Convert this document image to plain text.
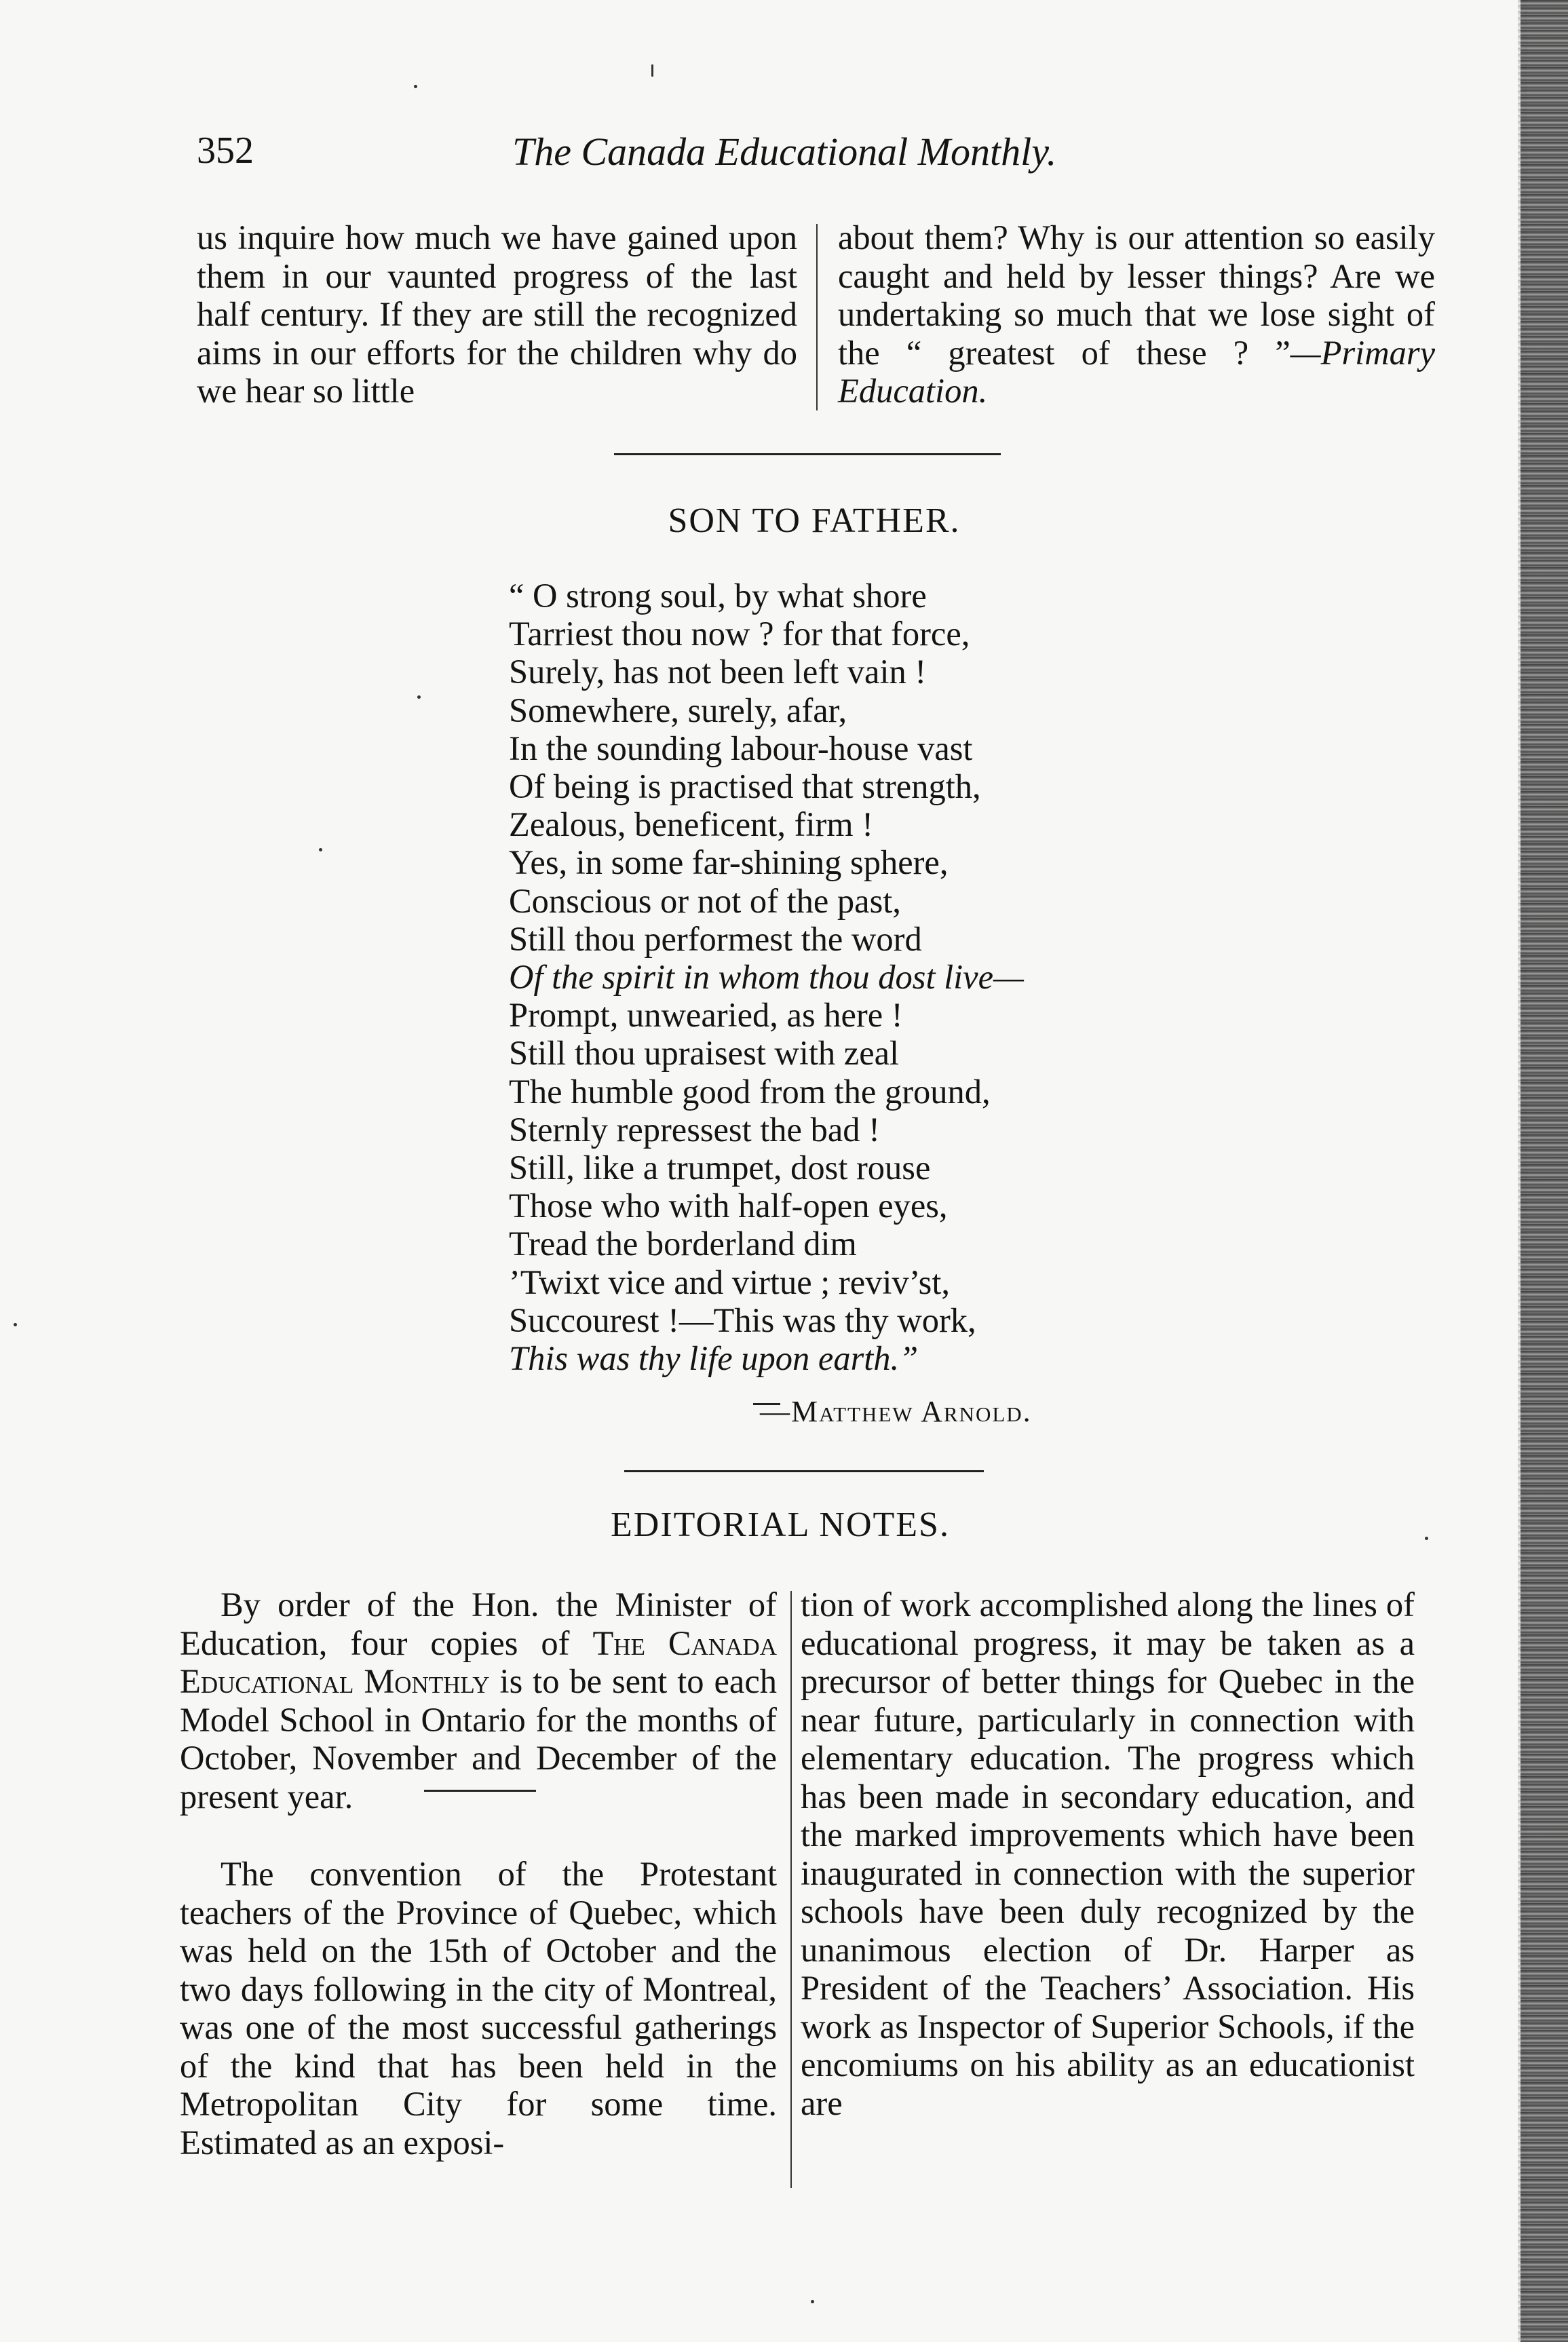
352	The Canada Educational Monthly.

us inquire how much we have gained upon them in our vaunted progress of the last half century. If they are still the recognized aims in our efforts for the children why do we hear so little

about them? Why is our attention so easily caught and held by lesser things? Are we undertaking so much that we lose sight of the “ greatest of these ? ”—Primary Education.

SON TO FATHER.
“ O strong soul, by what shore
Tarriest thou now ? for that force,
Surely, has not been left vain !
Somewhere, surely, afar,
In the sounding labour-house vast
Of being is practised that strength,
Zealous, beneficent, firm !
Yes, in some far-shining sphere,
Conscious or not of the past,
Still thou performest the word
Of the spirit in whom thou dost live—
Prompt, unwearied, as here !
Still thou upraisest with zeal
The humble good from the ground,
Sternly repressest the bad !
Still, like a trumpet, dost rouse
Those who with half-open eyes,
Tread the borderland dim
’Twixt vice and virtue ; reviv’st,
Succourest !—This was thy work,
This was thy life upon earth.”
—Matthew Arnold.
EDITORIAL NOTES.

By order of the Hon. the Minister of Education, four copies of The Canada Educational Monthly is to be sent to each Model School in Ontario for the months of October, November and December of the present year.

The convention of the Protestant teachers of the Province of Quebec, which was held on the 15th of October and the two days following in the city of Montreal, was one of the most successful gatherings of the kind that has been held in the Metropolitan City for some time. Estimated as an exposi-

tion of work accomplished along the lines of educational progress, it may be taken as a precursor of better things for Quebec in the near future, particularly in connection with elementary education. The progress which has been made in secondary education, and the marked improvements which have been inaugurated in connection with the superior schools have been duly recognized by the unanimous election of Dr. Harper as President of the Teachers’ Association. His work as Inspector of Superior Schools, if the encomiums on his ability as an educationist are
